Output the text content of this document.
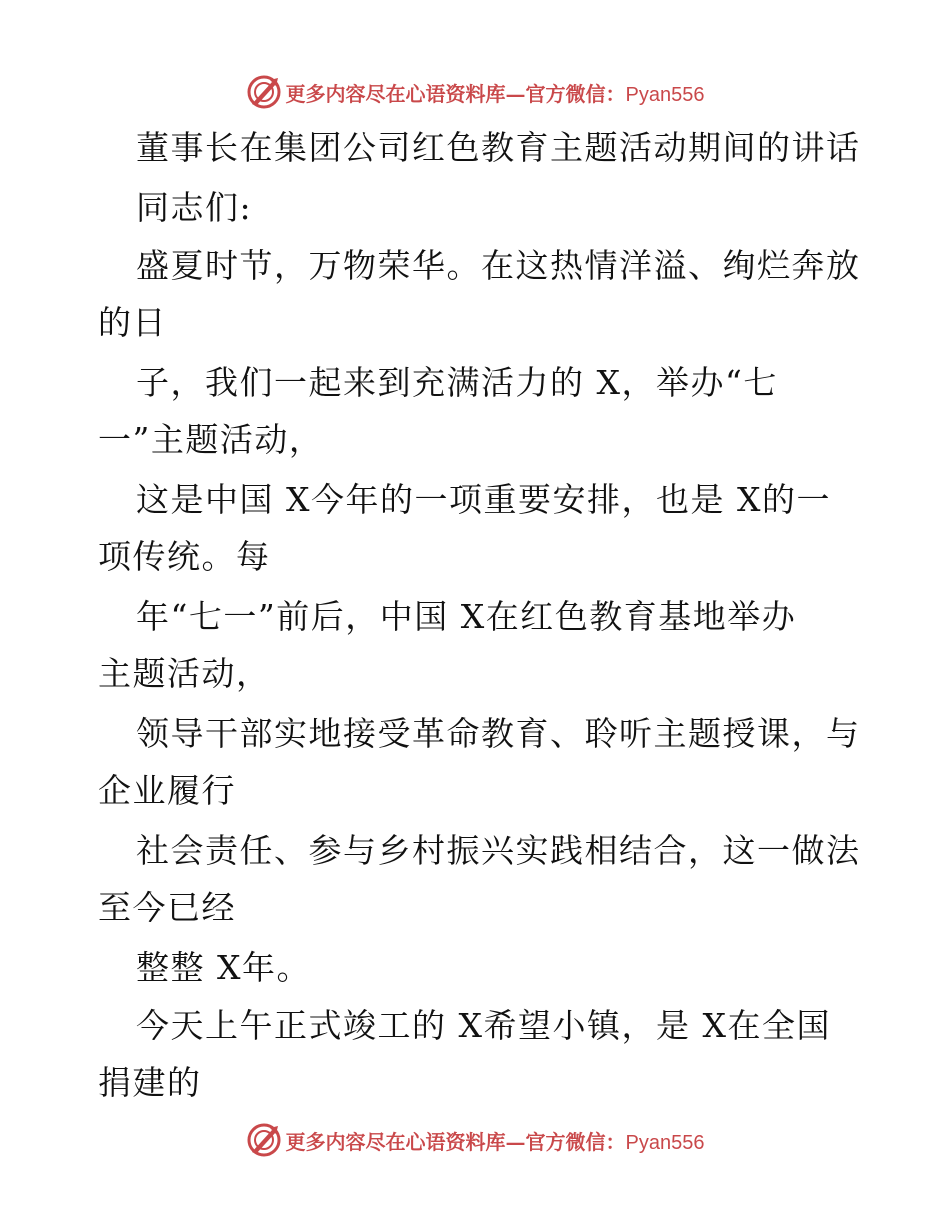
更多内容尽在心语资料库—官方微信：Pyan556
董事长在集团公司红色教育主题活动期间的讲话
同志们:
盛夏时节，万物荣华。在这热情洋溢、绚烂奔放
的日
子，我们一起来到充满活力的 X，举办“七
一”主题活动，
这是中国 X今年的一项重要安排，也是 X的一
项传统。每
年“七一”前后，中国 X在红色教育基地举办
主题活动，
领导干部实地接受革命教育、聆听主题授课，与
企业履行
社会责任、参与乡村振兴实践相结合，这一做法
至今已经
整整 X年。
今天上午正式竣工的 X希望小镇，是 X在全国
捐建的
更多内容尽在心语资料库—官方微信：Pyan556
